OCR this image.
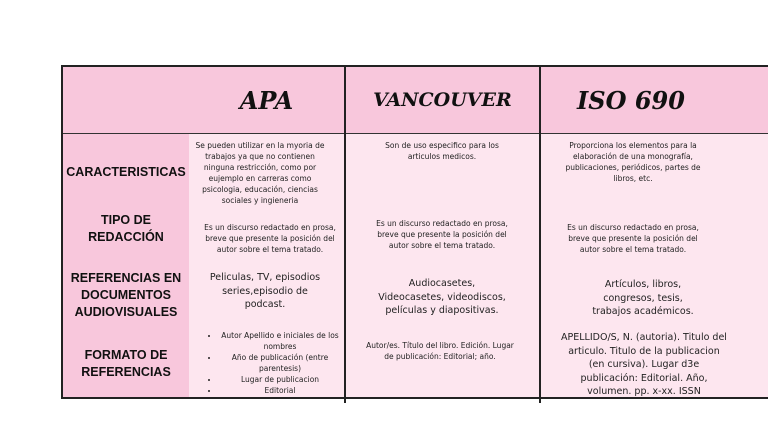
APA	VANCOUVER	ISO 690
CARACTERISTICAS
TIPO DE REDACCIÓN
REFERENCIAS EN DOCUMENTOS AUDIOVISUALES
FORMATO DE REFERENCIAS
Se pueden utilizar en la myoria de trabajos ya que no contienen ninguna restricción, como por eujemplo en carreras como psicologia, educación, ciencias sociales y ingieneria
Es un discurso redactado en prosa, breve que presente la posición del autor sobre el tema tratado.
Peliculas, TV, episodios series,episodio de podcast.
• Autor Apellido e iniciales de los nombres
• Año de publicación (entre parentesis)
• Lugar de publicacion
• Editorial
Son de uso especifico para los articulos medicos.
Es un discurso redactado en prosa, breve que presente la posición del autor sobre el tema tratado.
Audiocasetes, Videocasetes, videodiscos, películas y diapositivas.
Autor/es. Título del libro. Edición. Lugar de publicación: Editorial; año.
Proporciona los elementos para la elaboración de una monografía, publicaciones, periódicos, partes de libros, etc.
Es un discurso redactado en prosa, breve que presente la posición del autor sobre el tema tratado.
Artículos, libros, congresos, tesis, trabajos académicos.
APELLIDO/S, N. (autoria). Titulo del articulo. Titulo de la publicacion (en cursiva). Lugar d3e publicación: Editorial. Año, volumen. pp. x-xx. ISSN
